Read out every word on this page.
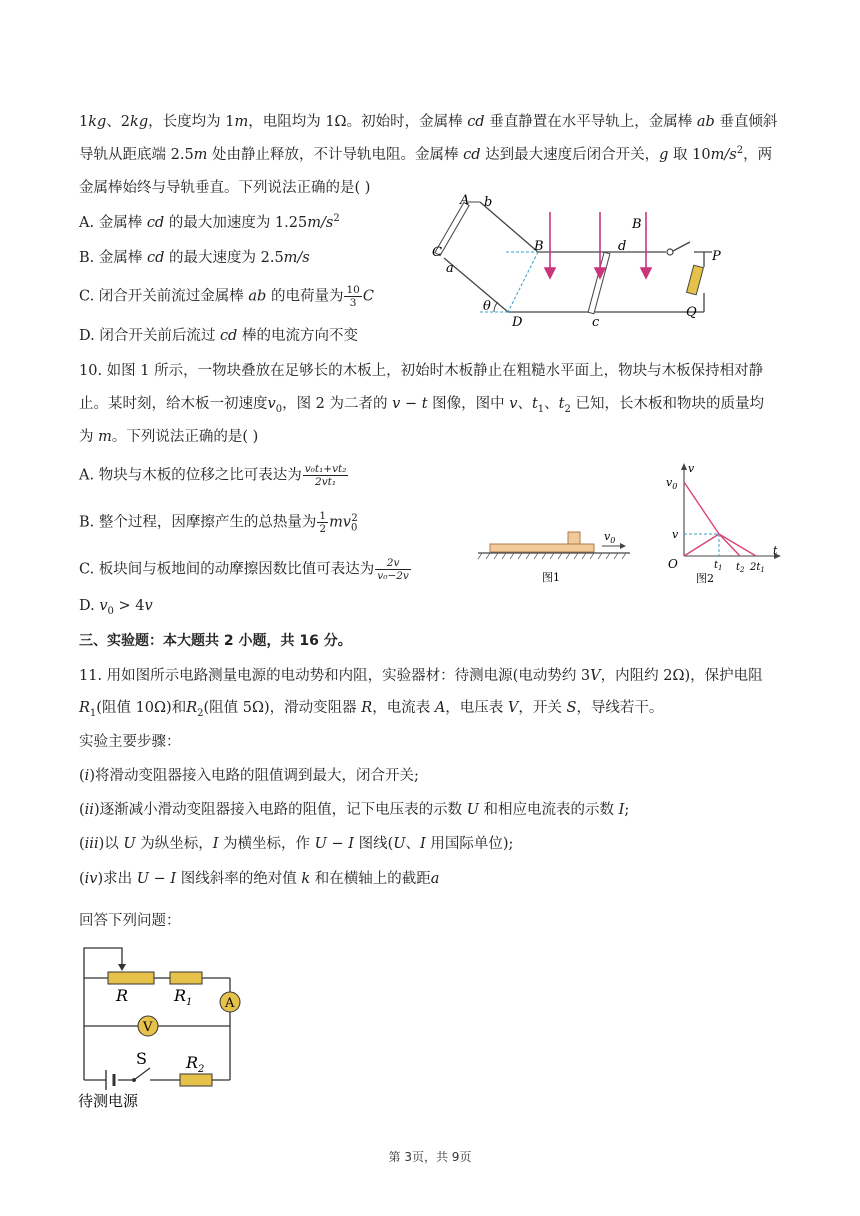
1kg、2kg，长度均为 1m，电阻均为 1Ω。初始时，金属棒 cd 垂直静置在水平导轨上，金属棒 ab 垂直倾斜
导轨从距底端 2.5m 处由静止释放，不计导轨电阻。金属棒 cd 达到最大速度后闭合开关，g 取 $10m/s^2$，两
金属棒始终与导轨垂直。下列说法正确的是( )
A. 金属棒 cd 的最大加速度为 $1.25m/s^2$
B. 金属棒 cd 的最大速度为 2.5m/s
C. 闭合开关前流过金属棒 ab 的电荷量为 $\frac{10}{3}$ C
D. 闭合开关前后流过 cd 棒的电流方向不变
A b
C
a
B	d
B
P
θ
D	c
Q
10. 如图 1 所示，一物块叠放在足够长的木板上，初始时木板静止在粗糙水平面上，物块与木板保持相对静
止。某时刻，给木板一初速度$v_0$，图 2 为二者的 v − t 图像，图中 v、$t_1$、$t_2$ 已知，长木板和物块的质量均
为 m。下列说法正确的是( )
A. 物块与木板的位移之比可表达为 $\frac{\text{v₀t₁+vt₂}}{\text{2vt₁}}$
B. 整个过程，因摩擦产生的总热量为 $\frac{1}{2} mv_0^2$
C. 板块间与板地间的动摩擦因数比值可表达为 $\frac{2v}{\text{v₀−2v}}$
D. $v_0 > 4v$
$v_0$
图1
v
$v_0$
v
O
t
$t_1$ $t_2$ $2t_1$
图2
三、实验题：本大题共 2 小题，共 16 分。
11. 用如图所示电路测量电源的电动势和内阻，实验器材：待测电源(电动势约 3V，内阻约 2Ω)，保护电阻
$R_1$(阻值 10Ω)和$R_2$(阻值 5Ω)，滑动变阻器 R，电流表 A，电压表 V，开关 S，导线若干。
实验主要步骤：
(i)将滑动变阻器接入电路的阻值调到最大，闭合开关;
(ii)逐渐减小滑动变阻器接入电路的阻值，记下电压表的示数 U 和相应电流表的示数 I;
(iii)以 U 为纵坐标，I 为横坐标，作 U − I 图线(U、I 用国际单位);
(iv)求出 U − I 图线斜率的绝对值 k 和在横轴上的截距a
回答下列问题：
A
V
R	$R_1$
S $R_2$
待测电源
第 3页，共 9页
